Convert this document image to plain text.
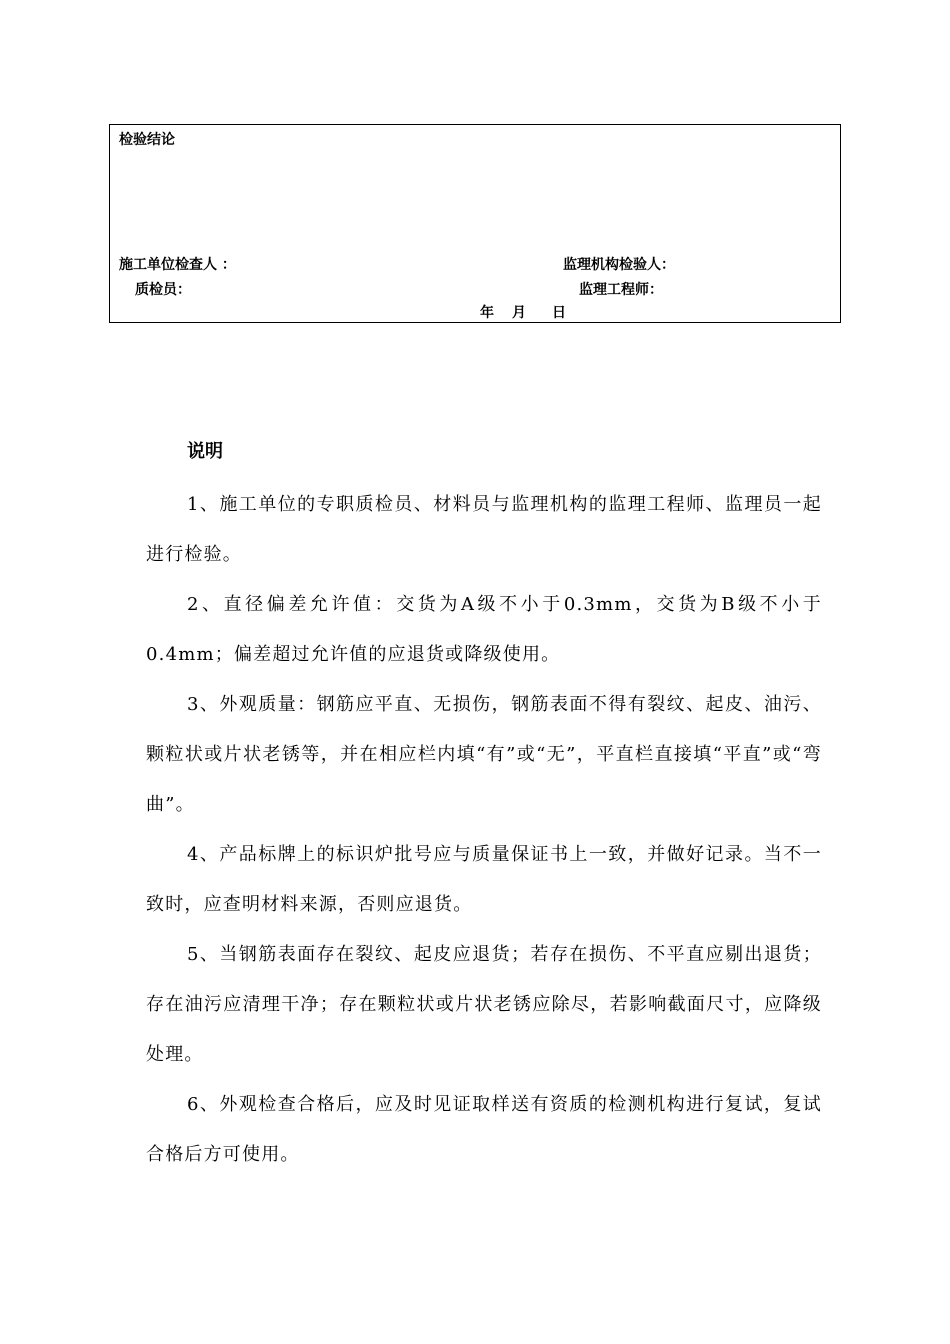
检验结论
施工单位检查人 ：
质检员：
监理机构检验人：
监理工程师：
年 月 日
说明

1、施工单位的专职质检员、材料员与监理机构的监理工程师、监理员一起进行检验。

2、直径偏差允许值：交货为A级不小于0.3mm，交货为B级不小于0.4mm；偏差超过允许值的应退货或降级使用。

3、外观质量：钢筋应平直、无损伤，钢筋表面不得有裂纹、起皮、油污、颗粒状或片状老锈等，并在相应栏内填“有”或“无”，平直栏直接填“平直”或“弯曲”。

4、产品标牌上的标识炉批号应与质量保证书上一致，并做好记录。当不一致时，应查明材料来源，否则应退货。

5、当钢筋表面存在裂纹、起皮应退货；若存在损伤、不平直应剔出退货；存在油污应清理干净；存在颗粒状或片状老锈应除尽，若影响截面尺寸，应降级处理。

6、外观检查合格后，应及时见证取样送有资质的检测机构进行复试，复试合格后方可使用。
